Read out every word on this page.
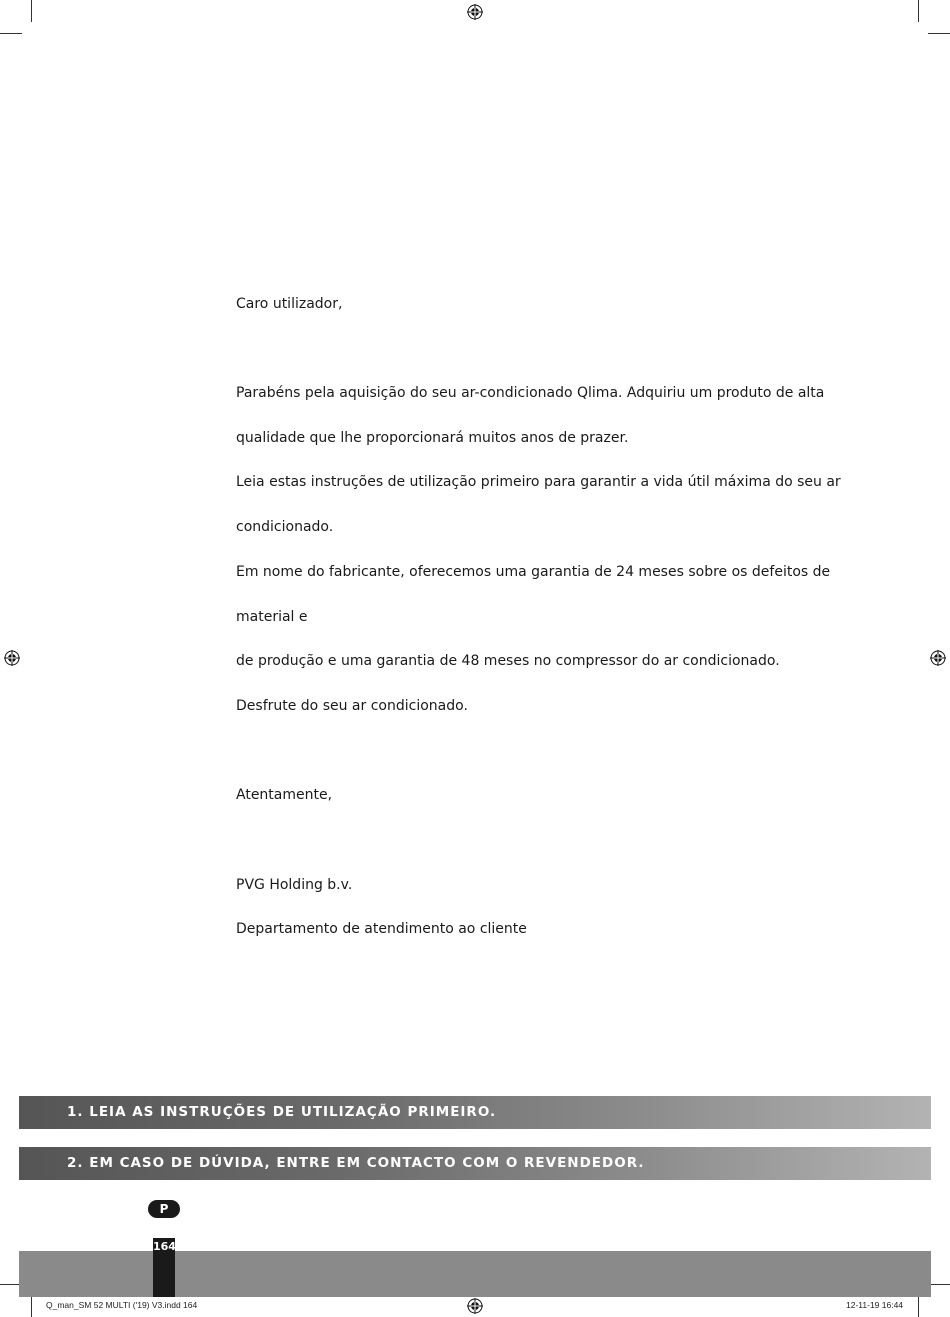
Caro utilizador,
Parabéns pela aquisição do seu ar-condicionado Qlima. Adquiriu um produto de alta
qualidade que lhe proporcionará muitos anos de prazer.
Leia estas instruções de utilização primeiro para garantir a vida útil máxima do seu ar
condicionado.
Em nome do fabricante, oferecemos uma garantia de 24 meses sobre os defeitos de
material e
de produção e uma garantia de 48 meses no compressor do ar condicionado.
Desfrute do seu ar condicionado.
Atentamente,
PVG Holding b.v.
Departamento de atendimento ao cliente
1. LEIA AS INSTRUÇÕES DE UTILIZAÇÃO PRIMEIRO.
2. EM CASO DE DÚVIDA, ENTRE EM CONTACTO COM O REVENDEDOR.
P
164
Q_man_SM 52 MULTI ('19) V3.indd 164	12-11-19 16:44
